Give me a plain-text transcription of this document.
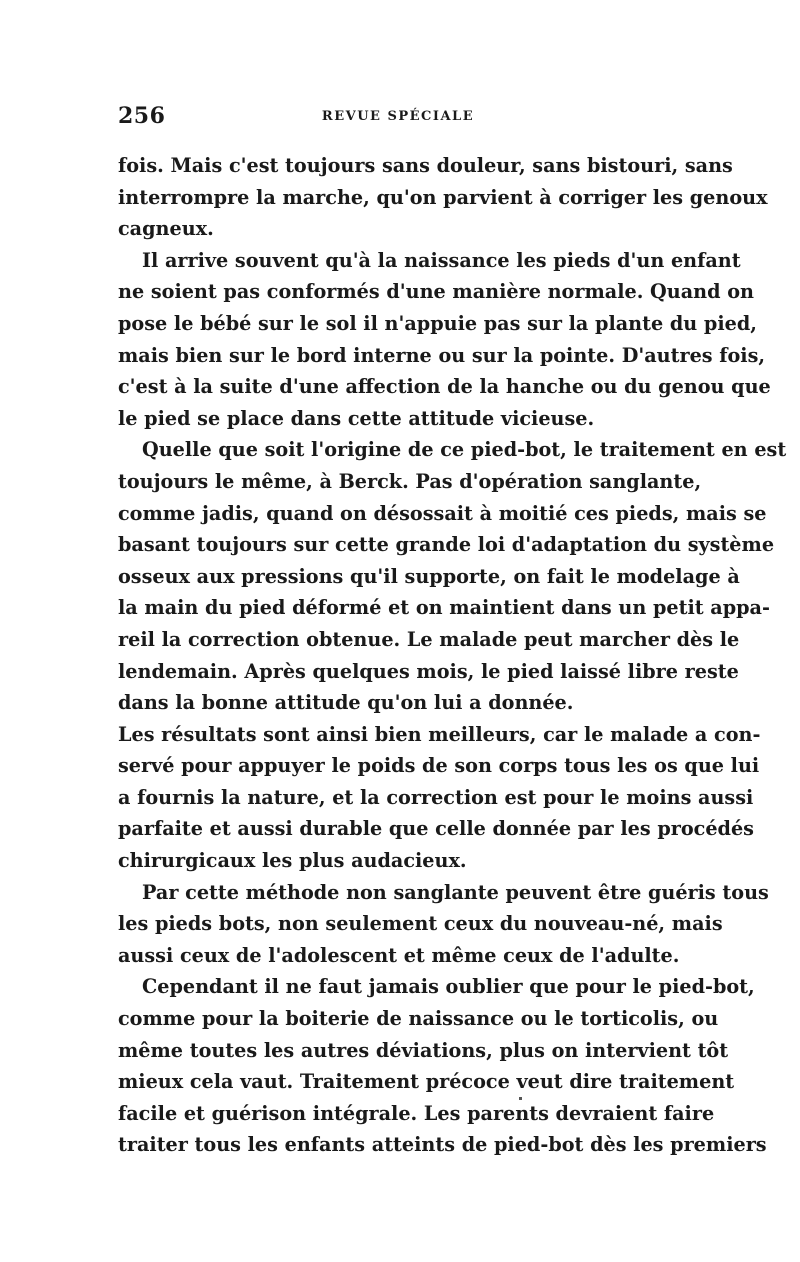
256	REVUE SPÉCIALE
fois. Mais c'est toujours sans douleur, sans bistouri, sans
interrompre la marche, qu'on parvient à corriger les genoux
cagneux.
Il arrive souvent qu'à la naissance les pieds d'un enfant
ne soient pas conformés d'une manière normale. Quand on
pose le bébé sur le sol il n'appuie pas sur la plante du pied,
mais bien sur le bord interne ou sur la pointe. D'autres fois,
c'est à la suite d'une affection de la hanche ou du genou que
le pied se place dans cette attitude vicieuse.
Quelle que soit l'origine de ce pied-bot, le traitement en est
toujours le même, à Berck. Pas d'opération sanglante,
comme jadis, quand on désossait à moitié ces pieds, mais se
basant toujours sur cette grande loi d'adaptation du système
osseux aux pressions qu'il supporte, on fait le modelage à
la main du pied déformé et on maintient dans un petit appa-
reil la correction obtenue. Le malade peut marcher dès le
lendemain. Après quelques mois, le pied laissé libre reste
dans la bonne attitude qu'on lui a donnée.
Les résultats sont ainsi bien meilleurs, car le malade a con-
servé pour appuyer le poids de son corps tous les os que lui
a fournis la nature, et la correction est pour le moins aussi
parfaite et aussi durable que celle donnée par les procédés
chirurgicaux les plus audacieux.
Par cette méthode non sanglante peuvent être guéris tous
les pieds bots, non seulement ceux du nouveau-né, mais
aussi ceux de l'adolescent et même ceux de l'adulte.
Cependant il ne faut jamais oublier que pour le pied-bot,
comme pour la boiterie de naissance ou le torticolis, ou
même toutes les autres déviations, plus on intervient tôt
mieux cela vaut. Traitement précoce veut dire traitement
facile et guérison intégrale. Les parents devraient faire
traiter tous les enfants atteints de pied-bot dès les premiers
